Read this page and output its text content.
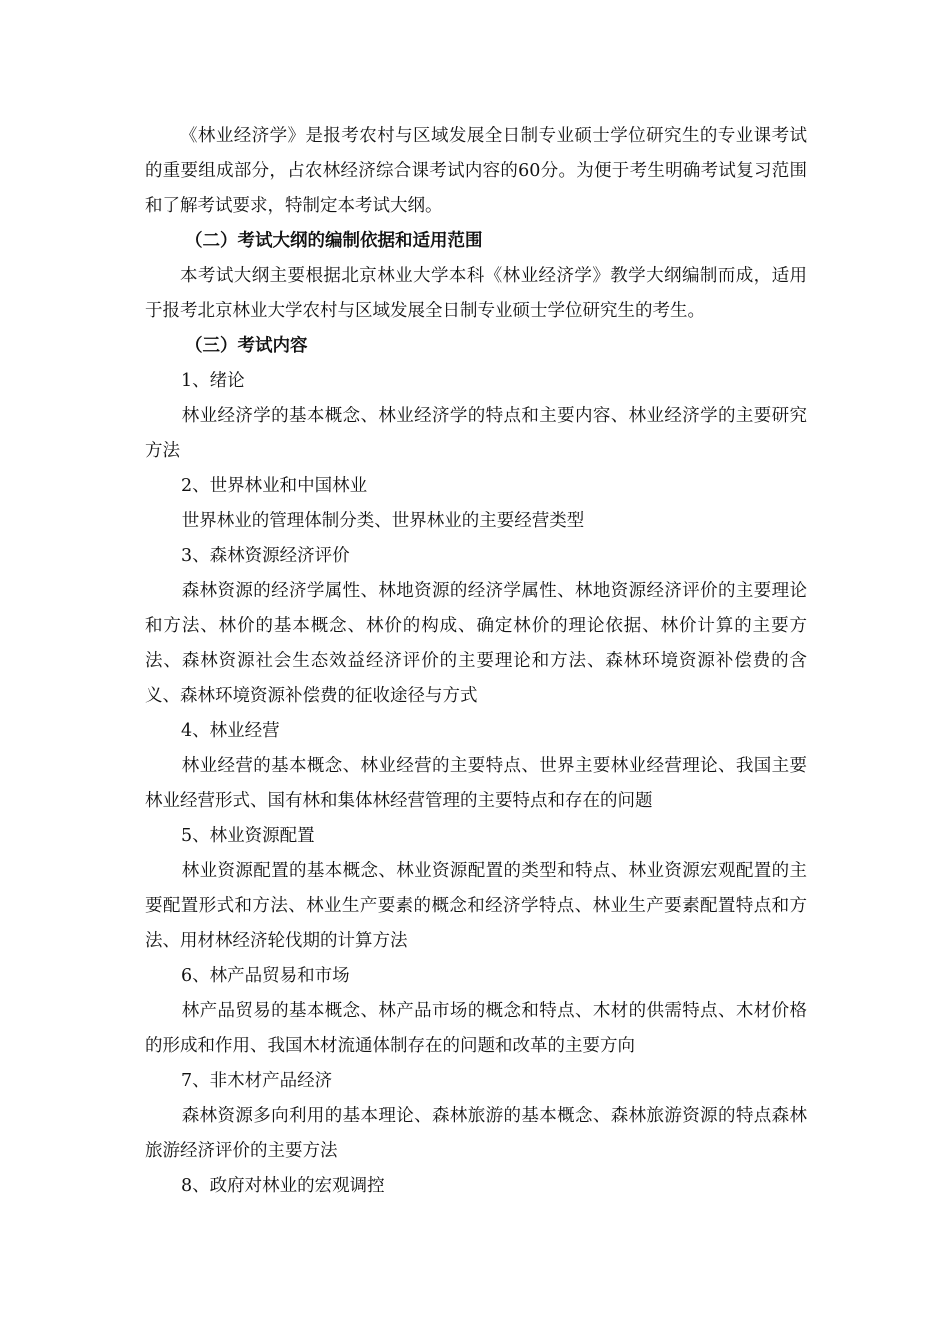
《林业经济学》是报考农村与区域发展全日制专业硕士学位研究生的专业课考试的重要组成部分，占农林经济综合课考试内容的60分。为便于考生明确考试复习范围和了解考试要求，特制定本考试大纲。

（二）考试大纲的编制依据和适用范围

本考试大纲主要根据北京林业大学本科《林业经济学》教学大纲编制而成，适用于报考北京林业大学农村与区域发展全日制专业硕士学位研究生的考生。

（三）考试内容

1、绪论

林业经济学的基本概念、林业经济学的特点和主要内容、林业经济学的主要研究方法

2、世界林业和中国林业

世界林业的管理体制分类、世界林业的主要经营类型

3、森林资源经济评价

森林资源的经济学属性、林地资源的经济学属性、林地资源经济评价的主要理论和方法、林价的基本概念、林价的构成、确定林价的理论依据、林价计算的主要方法、森林资源社会生态效益经济评价的主要理论和方法、森林环境资源补偿费的含义、森林环境资源补偿费的征收途径与方式

4、林业经营

林业经营的基本概念、林业经营的主要特点、世界主要林业经营理论、我国主要林业经营形式、国有林和集体林经营管理的主要特点和存在的问题

5、林业资源配置

林业资源配置的基本概念、林业资源配置的类型和特点、林业资源宏观配置的主要配置形式和方法、林业生产要素的概念和经济学特点、林业生产要素配置特点和方法、用材林经济轮伐期的计算方法

6、林产品贸易和市场

林产品贸易的基本概念、林产品市场的概念和特点、木材的供需特点、木材价格的形成和作用、我国木材流通体制存在的问题和改革的主要方向

7、非木材产品经济

森林资源多向利用的基本理论、森林旅游的基本概念、森林旅游资源的特点森林旅游经济评价的主要方法

8、政府对林业的宏观调控
